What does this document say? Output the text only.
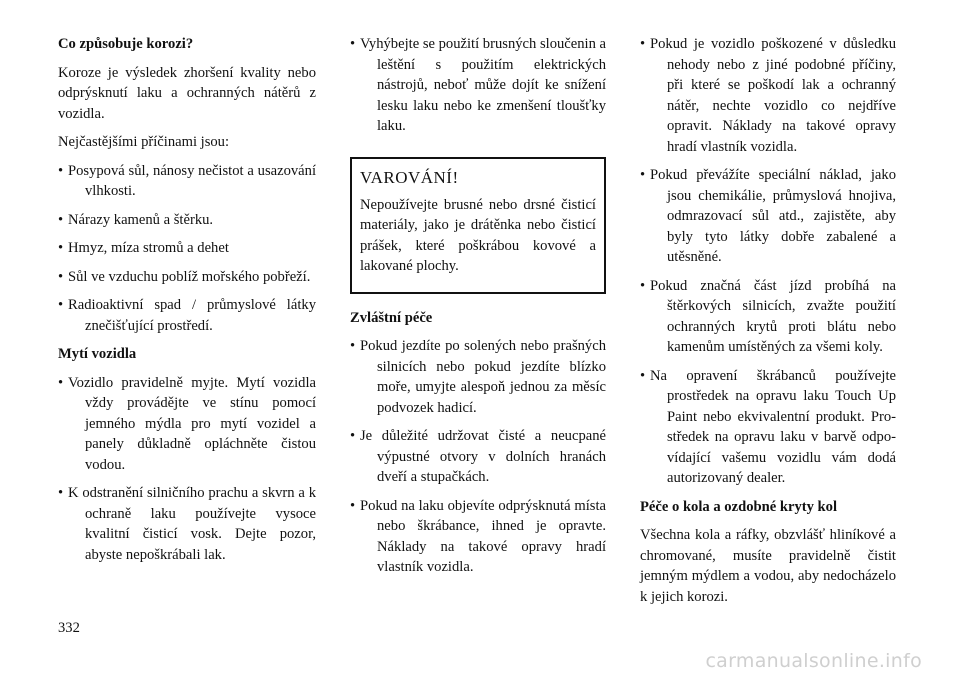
Co způsobuje korozi?

Koroze je výsledek zhoršení kvality nebo odprýsknutí laku a ochranných nátěrů z vozidla.

Nejčastějšími příčinami jsou:

• Posypová sůl, nánosy nečistot a usazování vlhkosti.
• Nárazy kamenů a štěrku.
• Hmyz, míza stromů a dehet
• Sůl ve vzduchu poblíž mořského pobřeží.
• Radioaktivní spad / průmyslové látky znečišťující prostředí.
Mytí vozidla
• Vozidlo pravidelně myjte. Mytí vozidla vždy provádějte ve stínu pomocí jemného mýdla pro mytí vozidel a panely důkladně opláchněte čistou vodou.
• K odstranění silničního prachu a skvrn a k ochraně laku používejte vysoce kvalitní čisticí vosk. Dejte pozor, abyste nepoškrábali lak.
• Vyhýbejte se použití brusných sloučenin a leštění s použitím elektrických nástrojů, neboť může dojít ke snížení lesku laku nebo ke zmenšení tloušťky laku.
VAROVÁNÍ!

Nepoužívejte brusné nebo drsné čisticí materiály, jako je drátěnka nebo čisticí prášek, které poškrábou kovové a lakované plochy.

Zvláštní péče
• Pokud jezdíte po solených nebo prašných silnicích nebo pokud jezdíte blízko moře, umyjte alespoň jednou za měsíc podvozek hadicí.
• Je důležité udržovat čisté a neucpané výpustné otvory v dolních hranách dveří a stupačkách.
• Pokud na laku objevíte odprýsknutá místa nebo škrábance, ihned je opravte. Náklady na takové opravy hradí vlastník vozidla.
• Pokud je vozidlo poškozené v důsledku nehody nebo z jiné podobné příčiny, při které se poškodí lak a ochranný nátěr, nechte vozidlo co nejdříve opravit. Náklady na takové opravy hradí vlastník vozidla.
• Pokud převážíte speciální náklad, jako jsou chemikálie, průmyslová hnojiva, odmrazovací sůl atd., zajistěte, aby byly tyto látky dobře zabalené a utěsněné.
• Pokud značná část jízd probíhá na štěrkových silnicích, zvažte použití ochranných krytů proti blátu nebo kamenům umístěných za všemi koly.
• Na opravení škrábanců používejte prostředek na opravu laku Touch Up Paint nebo ekvivalentní produkt. Prostředek na opravu laku v barvě odpovídající vašemu vozidlu vám dodá autorizovaný dealer.
Péče o kola a ozdobné kryty kol

Všechna kola a ráfky, obzvlášť hliníkové a chromované, musíte pravidelně čistit jemným mýdlem a vodou, aby nedocházelo k jejich korozi.

332
carmanualsonline.info
